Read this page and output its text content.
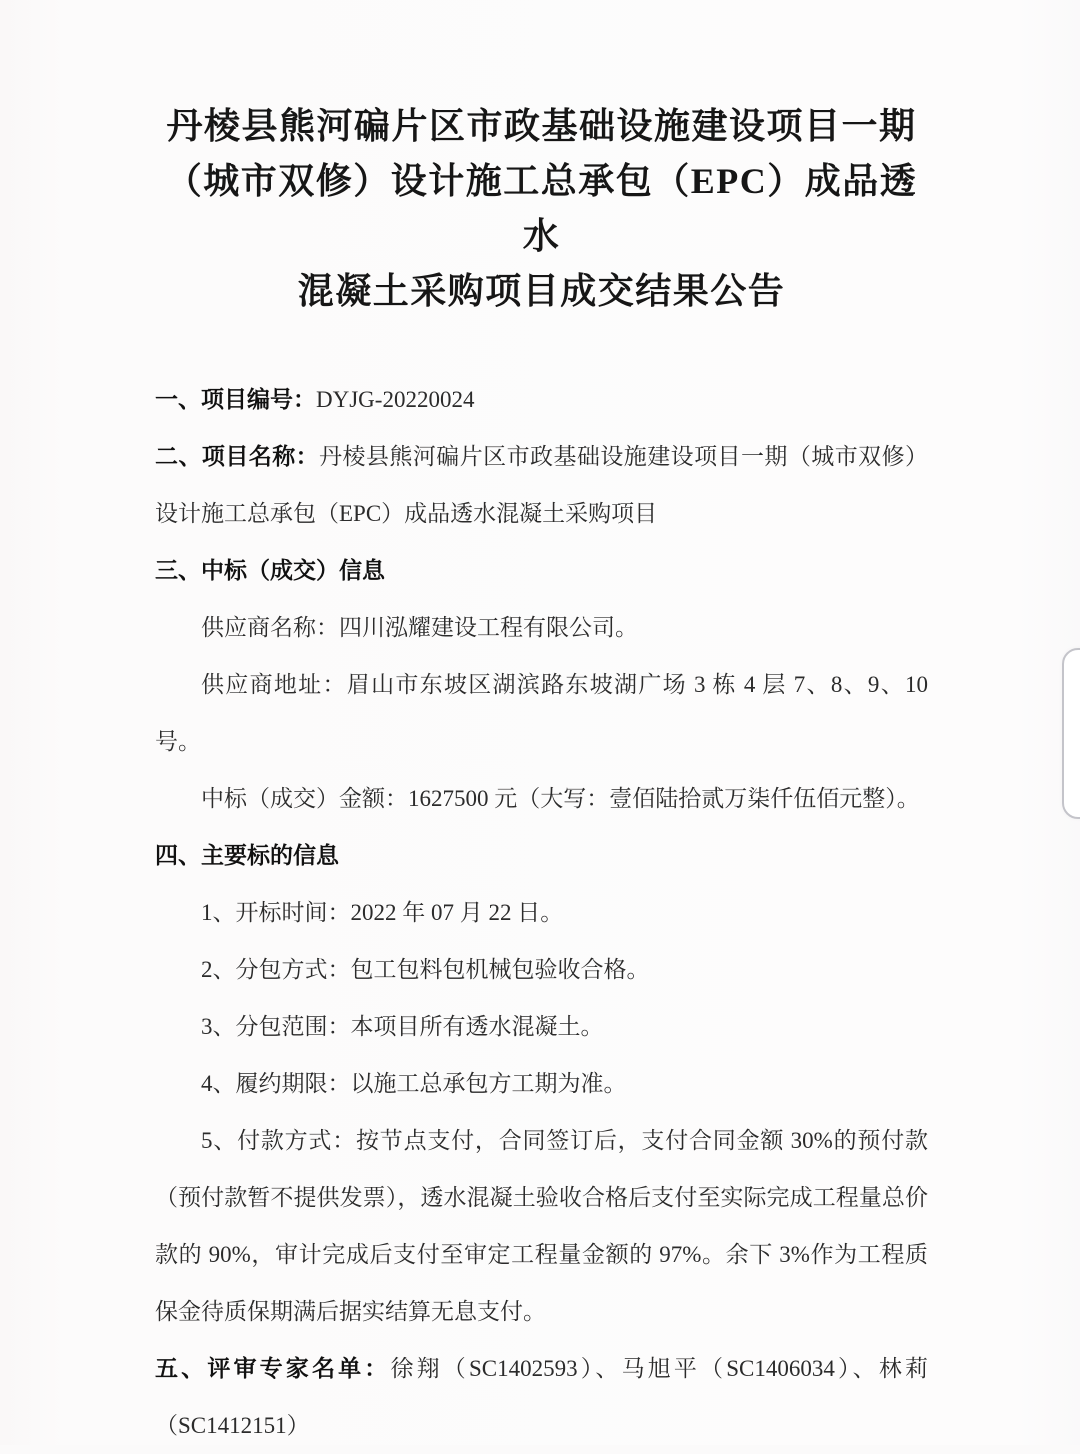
丹棱县熊河碥片区市政基础设施建设项目一期
（城市双修）设计施工总承包（EPC）成品透水
混凝土采购项目成交结果公告

一、项目编号：DYJG-20220024

二、项目名称：丹棱县熊河碥片区市政基础设施建设项目一期（城市双修）设计施工总承包（EPC）成品透水混凝土采购项目

三、中标（成交）信息

供应商名称：四川泓耀建设工程有限公司。

供应商地址：眉山市东坡区湖滨路东坡湖广场 3 栋 4 层 7、8、9、10 号。

中标（成交）金额：1627500 元（大写：壹佰陆拾贰万柒仟伍佰元整）。

四、主要标的信息

1、开标时间：2022 年 07 月 22 日。

2、分包方式：包工包料包机械包验收合格。

3、分包范围：本项目所有透水混凝土。

4、履约期限：以施工总承包方工期为准。

5、付款方式：按节点支付，合同签订后，支付合同金额 30%的预付款（预付款暂不提供发票），透水混凝土验收合格后支付至实际完成工程量总价款的 90%，审计完成后支付至审定工程量金额的 97%。余下 3%作为工程质保金待质保期满后据实结算无息支付。

五、评审专家名单：徐翔（SC1402593）、马旭平（SC1406034）、林莉（SC1412151）
